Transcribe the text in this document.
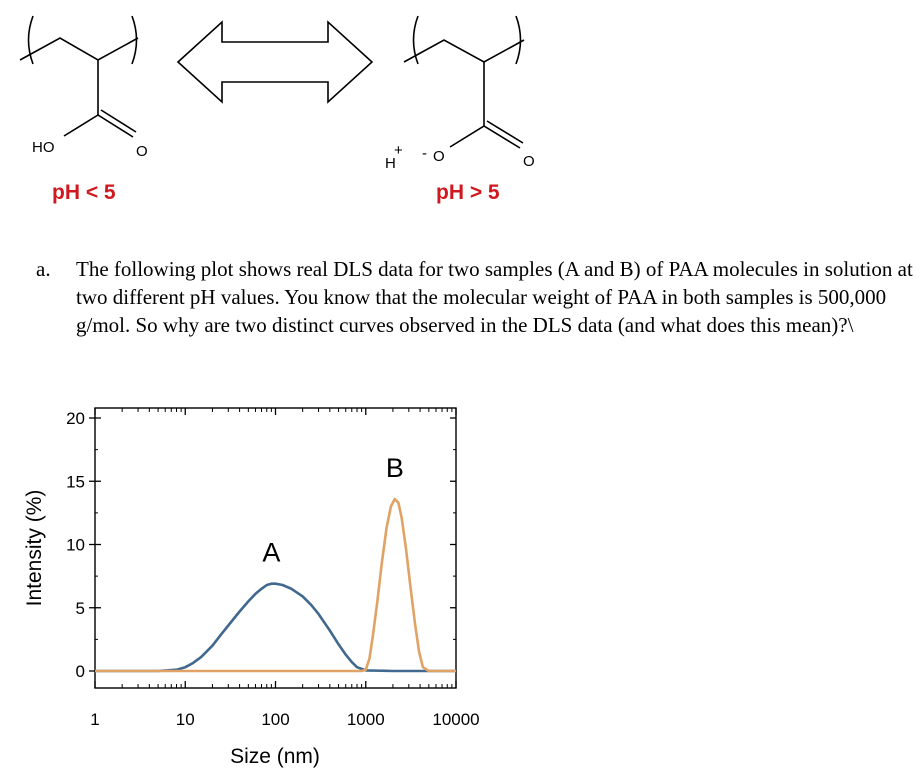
HO	O
pH < 5
H
+ - O	O
pH > 5
a. The following plot shows real DLS data for two samples (A and B) of PAA molecules in solution at two different pH values. You know that the molecular weight of PAA in both samples is 500,000 g/mol. So why are two distinct curves observed in the DLS data (and what does this mean)?\
0
5
10
15
20
1	10	100	1000	10000
A
B
Size (nm)
Intensity (%)
